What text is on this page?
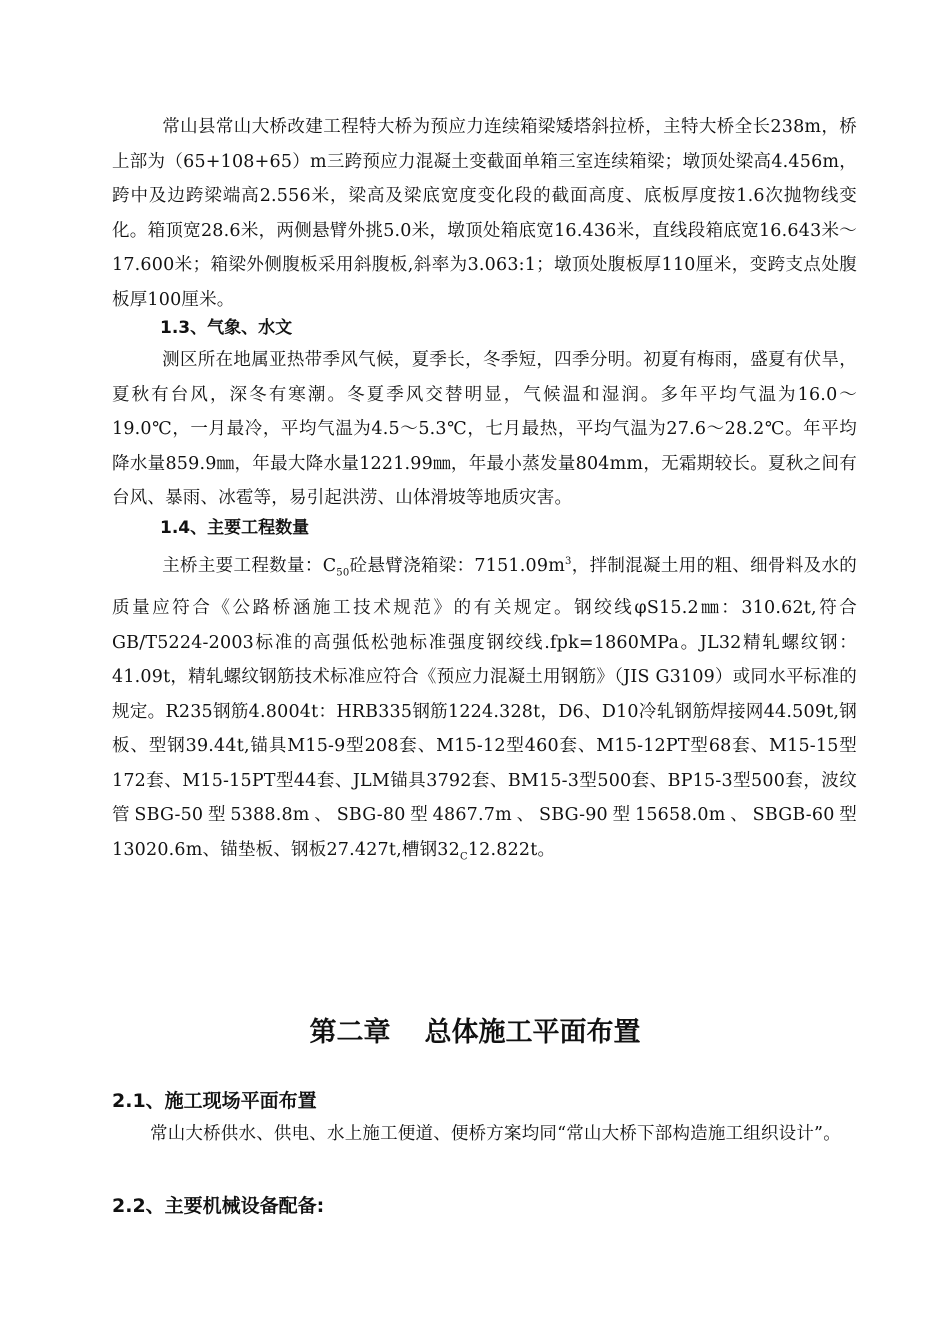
常山县常山大桥改建工程特大桥为预应力连续箱梁矮塔斜拉桥，主特大桥全长238m，桥上部为（65+108+65）m三跨预应力混凝土变截面单箱三室连续箱梁；墩顶处梁高4.456m，跨中及边跨梁端高2.556米，梁高及梁底宽度变化段的截面高度、底板厚度按1.6次抛物线变化。箱顶宽28.6米，两侧悬臂外挑5.0米，墩顶处箱底宽16.436米，直线段箱底宽16.643米～17.600米；箱梁外侧腹板采用斜腹板,斜率为3.063:1；墩顶处腹板厚110厘米，变跨支点处腹板厚100厘米。

1.3、气象、水文

测区所在地属亚热带季风气候，夏季长，冬季短，四季分明。初夏有梅雨，盛夏有伏旱，夏秋有台风，深冬有寒潮。冬夏季风交替明显，气候温和湿润。多年平均气温为16.0～19.0℃，一月最冷，平均气温为4.5～5.3℃，七月最热，平均气温为27.6～28.2℃。年平均降水量859.9㎜，年最大降水量1221.99㎜，年最小蒸发量804mm，无霜期较长。夏秋之间有台风、暴雨、冰雹等，易引起洪涝、山体滑坡等地质灾害。

1.4、主要工程数量

主桥主要工程数量：$C_{50}$砼悬臂浇箱梁：$7151.09m^3$，拌制混凝土用的粗、细骨料及水的质量应符合《公路桥涵施工技术规范》的有关规定。钢绞线φS15.2㎜：310.62t,符合GB/T5224-2003标准的高强低松弛标准强度钢绞线.fpk=1860MPa。JL32精轧螺纹钢：41.09t，精轧螺纹钢筋技术标准应符合《预应力混凝土用钢筋》（JIS G3109）或同水平标准的规定。R235钢筋4.8004t：HRB335钢筋1224.328t，D6、D10冷轧钢筋焊接网44.509t,钢板、型钢39.44t,锚具M15-9型208套、M15-12型460套、M15-12PT型68套、M15-15型172套、M15-15PT型44套、JLM锚具3792套、BM15-3型500套、BP15-3型500套，波纹管SBG-50型5388.8m、SBG-80型4867.7m、SBG-90型15658.0m、SBGB-60型13020.6m、锚垫板、钢板27.427t,槽钢$32_C12.822t$。

第二章 总体施工平面布置
2.1、施工现场平面布置

常山大桥供水、供电、水上施工便道、便桥方案均同“常山大桥下部构造施工组织设计”。

2.2、主要机械设备配备:
